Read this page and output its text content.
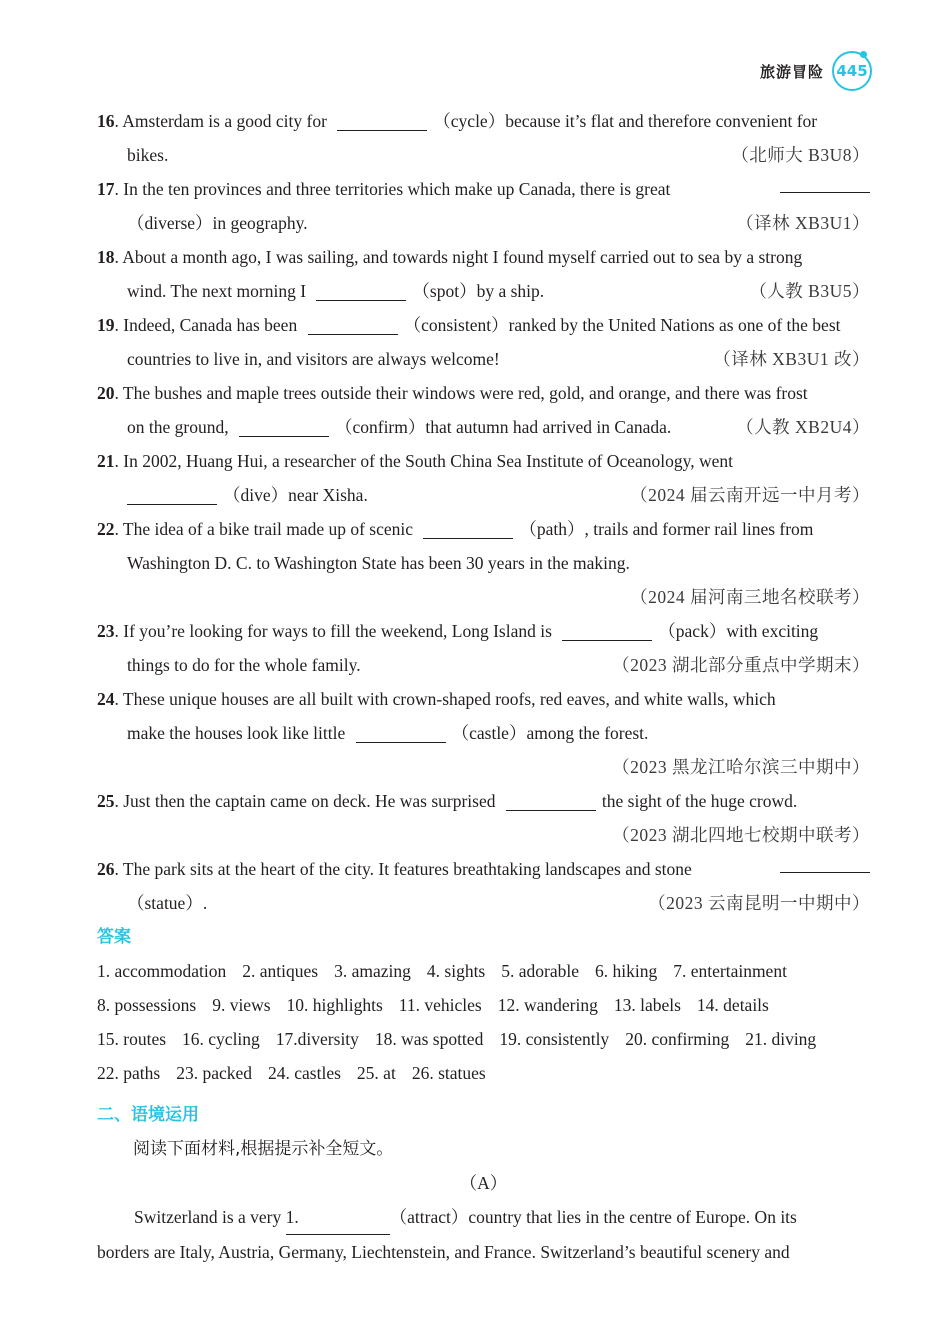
旅游冒险 445
16. Amsterdam is a good city for	（cycle）because it’s flat and therefore convenient for
bikes.	（北师大 B3U8）
17. In the ten provinces and three territories which make up Canada, there is great
（diverse）in geography.	（译林 XB3U1）
18. About a month ago, I was sailing, and towards night I found myself carried out to sea by a strong
wind. The next morning I	（spot）by a ship.	（人教 B3U5）
19. Indeed, Canada has been	（consistent）ranked by the United Nations as one of the best
countries to live in, and visitors are always welcome!	（译林 XB3U1 改）
20. The bushes and maple trees outside their windows were red, gold, and orange, and there was frost
on the ground,	（confirm）that autumn had arrived in Canada.	（人教 XB2U4）
21. In 2002, Huang Hui, a researcher of the South China Sea Institute of Oceanology, went
（dive）near Xisha.	（2024 届云南开远一中月考）
22. The idea of a bike trail made up of scenic	（path）, trails and former rail lines from
Washington D. C. to Washington State has been 30 years in the making.
（2024 届河南三地名校联考）
23. If you’re looking for ways to fill the weekend, Long Island is	（pack）with exciting
things to do for the whole family.	（2023 湖北部分重点中学期末）
24. These unique houses are all built with crown-shaped roofs, red eaves, and white walls, which
make the houses look like little	（castle）among the forest.
（2023 黑龙江哈尔滨三中期中）
25. Just then the captain came on deck. He was surprised	the sight of the huge crowd.
（2023 湖北四地七校期中联考）
26. The park sits at the heart of the city. It features breathtaking landscapes and stone
（statue）.	（2023 云南昆明一中期中）
答案
1. accommodation 2. antiques 3. amazing 4. sights 5. adorable 6. hiking 7. entertainment
8. possessions 9. views 10. highlights 11. vehicles 12. wandering 13. labels 14. details
15. routes 16. cycling 17.diversity 18. was spotted 19. consistently 20. confirming 21. diving
22. paths 23. packed 24. castles 25. at 26. statues
二、语境运用
阅读下面材料,根据提示补全短文。
（A）
Switzerland is a very 1.	（attract）country that lies in the centre of Europe. On its
borders are Italy, Austria, Germany, Liechtenstein, and France. Switzerland’s beautiful scenery and
